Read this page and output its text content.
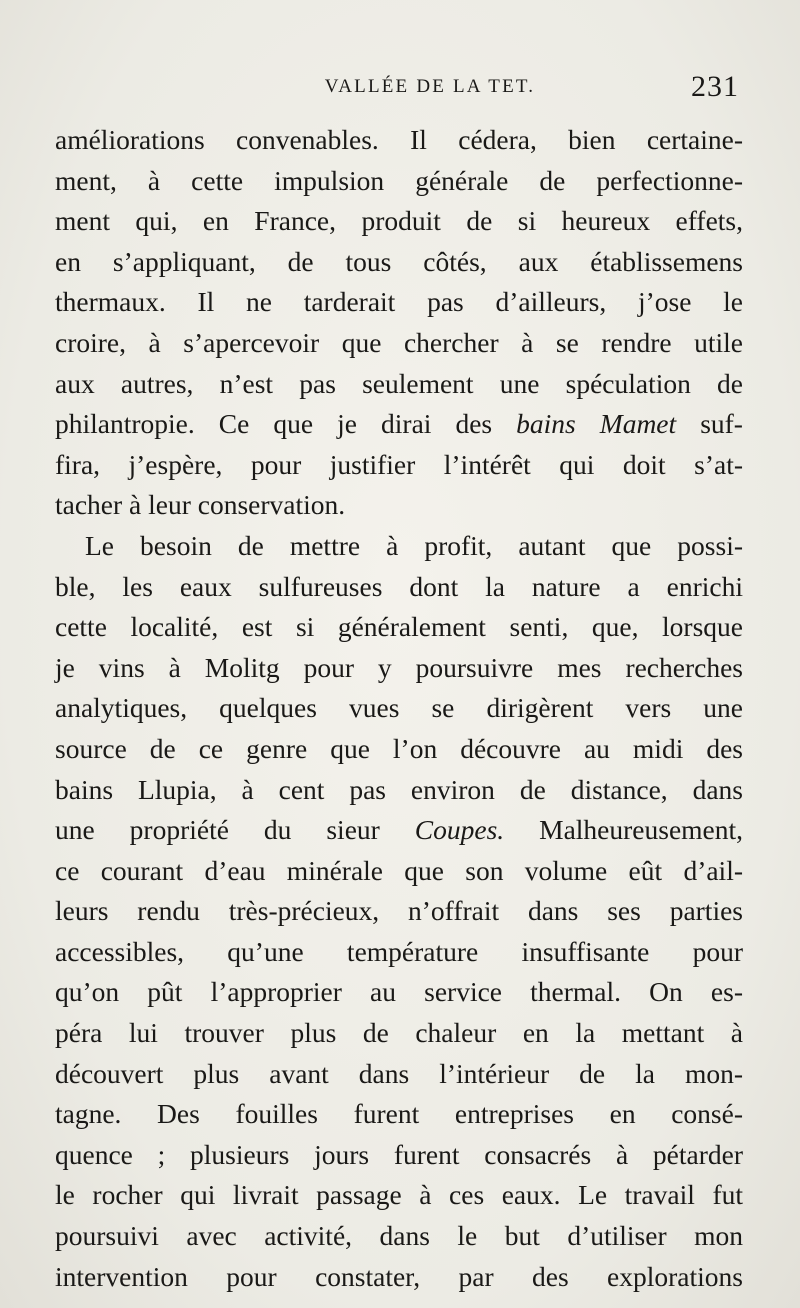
VALLÉE DE LA TET.	231
améliorations convenables. Il cédera, bien certaine-
ment, à cette impulsion générale de perfectionne-
ment qui, en France, produit de si heureux effets,
en s’appliquant, de tous côtés, aux établissemens
thermaux. Il ne tarderait pas d’ailleurs, j’ose le
croire, à s’apercevoir que chercher à se rendre utile
aux autres, n’est pas seulement une spéculation de
philantropie. Ce que je dirai des bains Mamet suf-
fira, j’espère, pour justifier l’intérêt qui doit s’at-
tacher à leur conservation.
Le besoin de mettre à profit, autant que possi-
ble, les eaux sulfureuses dont la nature a enrichi
cette localité, est si généralement senti, que, lorsque
je vins à Molitg pour y poursuivre mes recherches
analytiques, quelques vues se dirigèrent vers une
source de ce genre que l’on découvre au midi des
bains Llupia, à cent pas environ de distance, dans
une propriété du sieur Coupes. Malheureusement,
ce courant d’eau minérale que son volume eût d’ail-
leurs rendu très-précieux, n’offrait dans ses parties
accessibles, qu’une température insuffisante pour
qu’on pût l’approprier au service thermal. On es-
péra lui trouver plus de chaleur en la mettant à
découvert plus avant dans l’intérieur de la mon-
tagne. Des fouilles furent entreprises en consé-
quence ; plusieurs jours furent consacrés à pétarder
le rocher qui livrait passage à ces eaux. Le travail fut
poursuivi avec activité, dans le but d’utiliser mon
intervention pour constater, par des explorations
